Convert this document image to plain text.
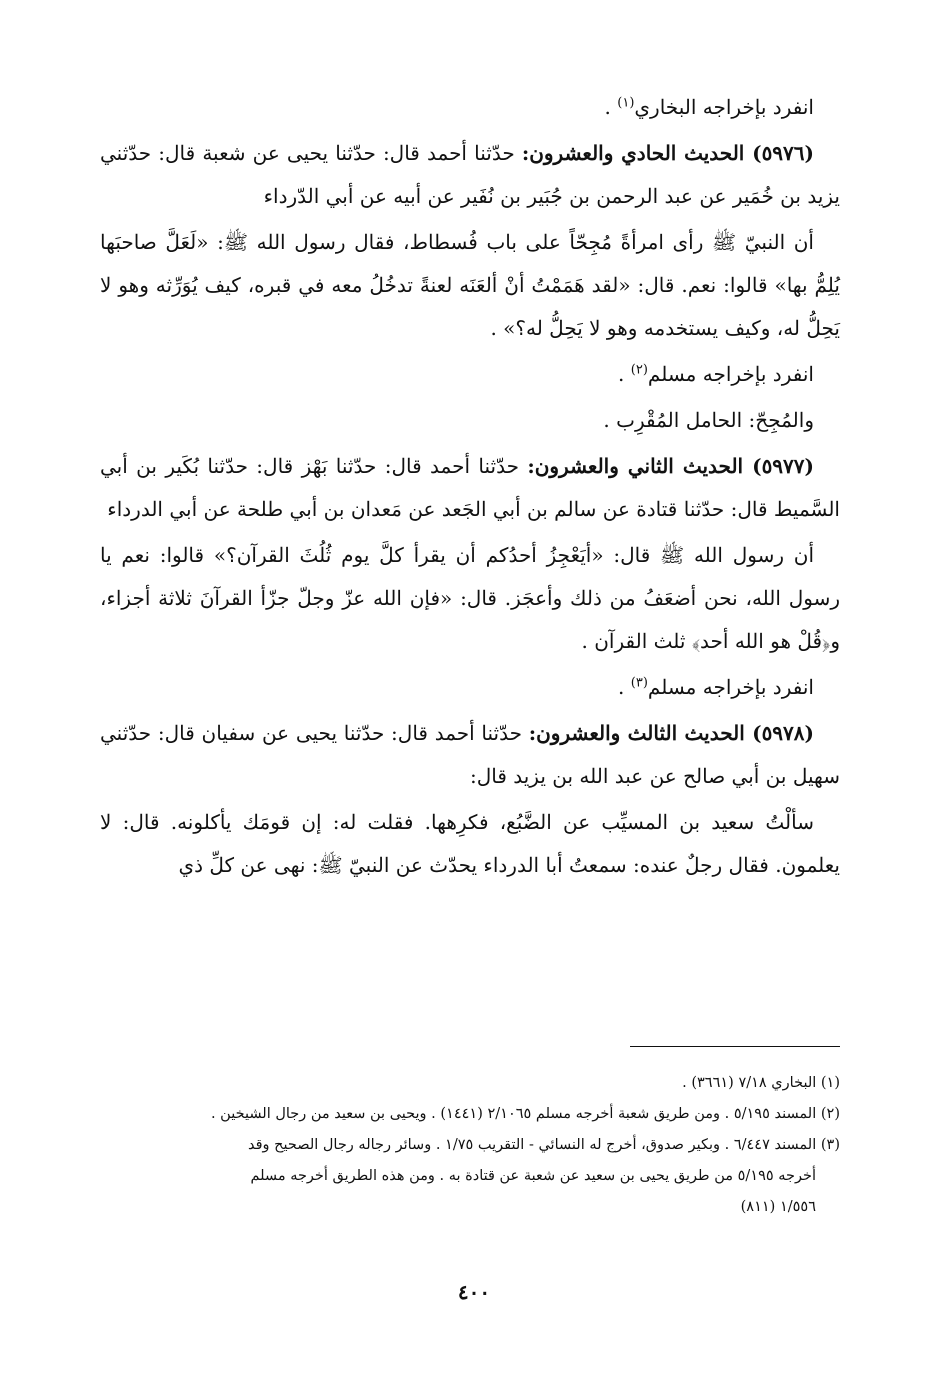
انفرد بإخراجه البخاري$^{(١)}$ .

(٥٩٧٦) الحديث الحادي والعشرون: حدّثنا أحمد قال: حدّثنا يحيى عن شعبة قال: حدّثني يزيد بن خُمَير عن عبد الرحمن بن جُبَير بن نُفَير عن أبيه عن أبي الدّرداء

أن النبيّ ﷺ رأى امرأةً مُجِحّاً على باب فُسطاط، فقال رسول الله ﷺ: «لَعَلَّ صاحبَها يُلِمُّ بها» قالوا: نعم. قال: «لقد هَمَمْتُ أنْ ألعَنَه لعنةً تدخُلُ معه في قبره، كيف يُوَرِّثه وهو لا يَحِلُّ له، وكيف يستخدمه وهو لا يَحِلُّ له؟» .

انفرد بإخراجه مسلم$^{(٢)}$ .

والمُجِحّ: الحامل المُقْرِب .

(٥٩٧٧) الحديث الثاني والعشرون: حدّثنا أحمد قال: حدّثنا بَهْز قال: حدّثنا بُكَير بن أبي السَّميط قال: حدّثنا قتادة عن سالم بن أبي الجَعد عن مَعدان بن أبي طلحة عن أبي الدرداء

أن رسول الله ﷺ قال: «أيَعْجِزُ أحدُكم أن يقرأ كلَّ يوم ثُلُثَ القرآن؟» قالوا: نعم يا رسول الله، نحن أضعَفُ من ذلك وأعجَز. قال: «فإن الله عزّ وجلّ جزّأ القرآنَ ثلاثة أجزاء، و﴿قُلْ هو الله أحد﴾ ثلث القرآن .

انفرد بإخراجه مسلم$^{(٣)}$ .

(٥٩٧٨) الحديث الثالث والعشرون: حدّثنا أحمد قال: حدّثنا يحيى عن سفيان قال: حدّثني سهيل بن أبي صالح عن عبد الله بن يزيد قال:

سألْتُ سعيد بن المسيِّب عن الضَّبُع، فكرِهها. فقلت له: إن قومَك يأكلونه. قال: لا يعلمون. فقال رجلٌ عنده: سمعتُ أبا الدرداء يحدّث عن النبيّ ﷺ: نهى عن كلِّ ذي

(١) البخاري ٧/١٨ (٣٦٦١) .

(٢) المسند ٥/١٩٥ . ومن طريق شعبة أخرجه مسلم ٢/١٠٦٥ (١٤٤١) . ويحيى بن سعيد من رجال الشيخين .

(٣) المسند ٦/٤٤٧ . وبكير صدوق، أخرج له النسائي - التقريب ١/٧٥ . وسائر رجاله رجال الصحيح وقد

أخرجه ٥/١٩٥ من طريق يحيى بن سعيد عن شعبة عن قتادة به . ومن هذه الطريق أخرجه مسلم

١/٥٥٦ (٨١١)

٤٠٠
